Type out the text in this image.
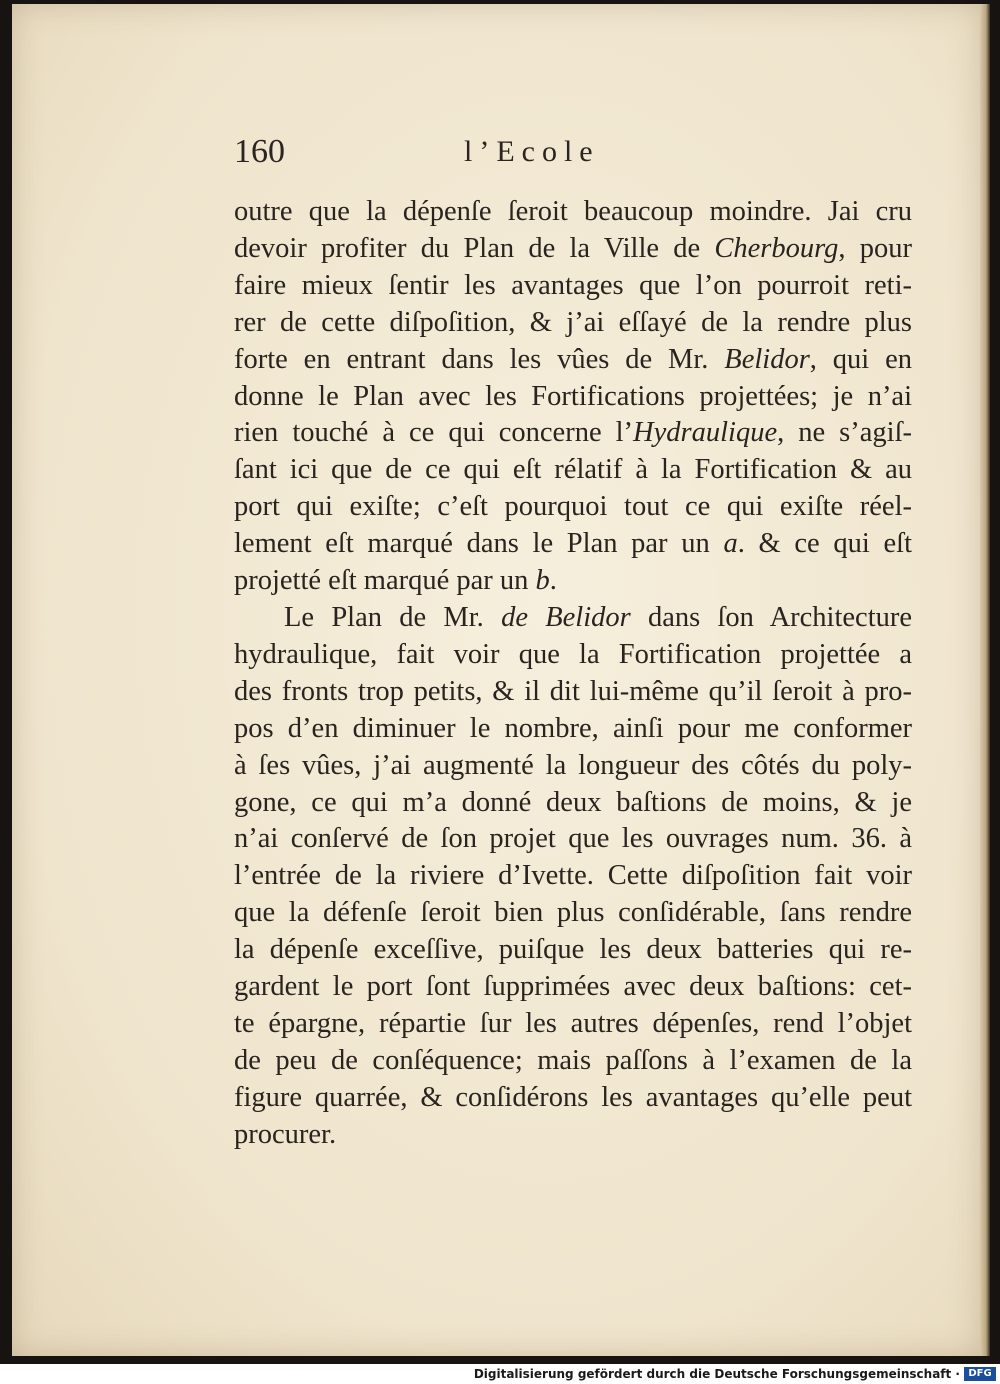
160	l’Ecole
outre que la dépenſe ſeroit beaucoup moindre. Jai cru
devoir profiter du Plan de la Ville de Cherbourg, pour
faire mieux ſentir les avantages que l’on pourroit reti-
rer de cette diſpoſition, & j’ai eſſayé de la rendre plus
forte en entrant dans les vûes de Mr. Belidor, qui en
donne le Plan avec les Fortifications projettées; je n’ai
rien touché à ce qui concerne l’Hydraulique, ne s’agiſ-
ſant ici que de ce qui eſt rélatif à la Fortification & au
port qui exiſte; c’eſt pourquoi tout ce qui exiſte réel-
lement eſt marqué dans le Plan par un a. & ce qui eſt
projetté eſt marqué par un b.
Le Plan de Mr. de Belidor dans ſon Architecture
hydraulique, fait voir que la Fortification projettée a
des fronts trop petits, & il dit lui-même qu’il ſeroit à pro-
pos d’en diminuer le nombre, ainſi pour me conformer
à ſes vûes, j’ai augmenté la longueur des côtés du poly-
gone, ce qui m’a donné deux baſtions de moins, & je
n’ai conſervé de ſon projet que les ouvrages num. 36. à
l’entrée de la riviere d’Ivette. Cette diſpoſition fait voir
que la défenſe ſeroit bien plus conſidérable, ſans rendre
la dépenſe exceſſive, puiſque les deux batteries qui re-
gardent le port ſont ſupprimées avec deux baſtions: cet-
te épargne, répartie ſur les autres dépenſes, rend l’objet
de peu de conſéquence; mais paſſons à l’examen de la
figure quarrée, & conſidérons les avantages qu’elle peut
procurer.
Digitalisierung gefördert durch die Deutsche Forschungsgemeinschaft · DFG
